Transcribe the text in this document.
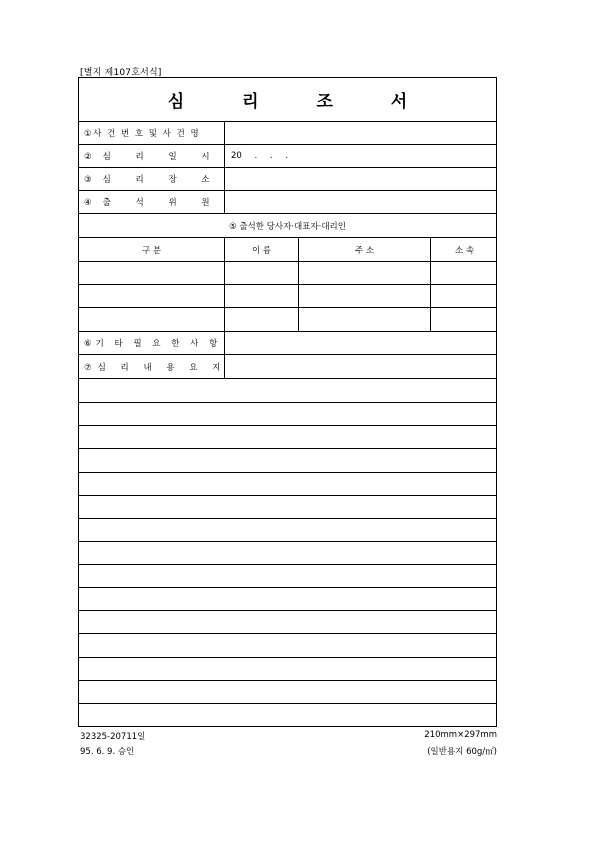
[별지 제107호서식]
심 리 조 서
①사 건 번 호 및 사 건 명
②심 리 일 시	20 . . .
③심 리 장 소
④출 석 위 원
⑤ 출석한 당사자·대표자·대리인
구 분	이 름	주 소	소 속
⑥기 타 필 요 한 사 항
⑦심 리 내 용 요 지
32325-20711일	210mm×297mm
95. 6. 9. 승인	(일반용지 60g/㎡)
